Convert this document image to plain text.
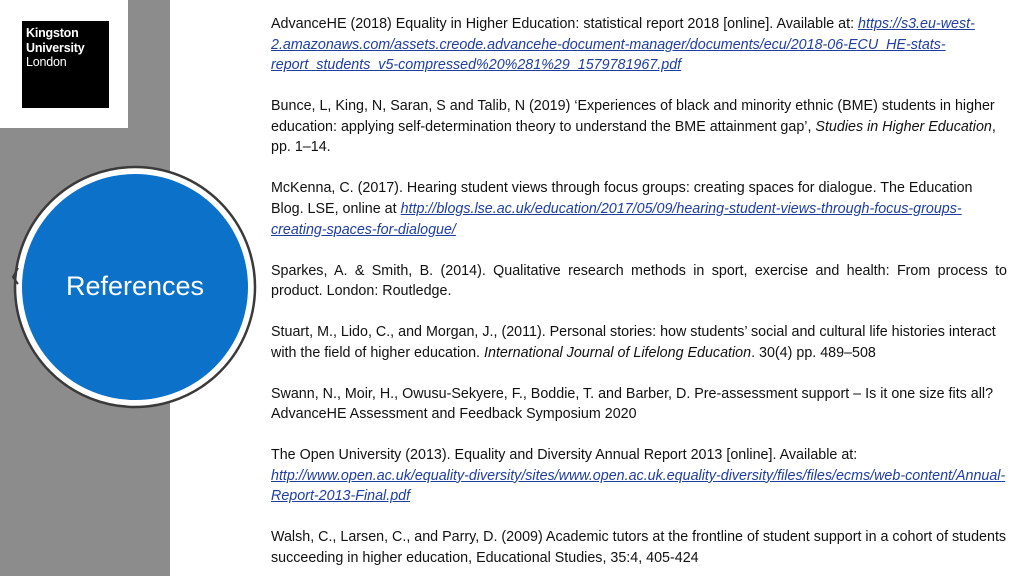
Kingston
University
London
References

AdvanceHE (2018) Equality in Higher Education: statistical report 2018 [online]. Available at: https://s3.eu-west-2.amazonaws.com/assets.creode.advancehe-document-manager/documents/ecu/2018-06-ECU_HE-stats-report_students_v5-compressed%20%281%29_1579781967.pdf

Bunce, L, King, N, Saran, S and Talib, N (2019) ‘Experiences of black and minority ethnic (BME) students in higher education: applying self-determination theory to understand the BME attainment gap’, Studies in Higher Education, pp. 1–14.

McKenna, C. (2017). Hearing student views through focus groups: creating spaces for dialogue. The Education Blog. LSE, online at http://blogs.lse.ac.uk/education/2017/05/09/hearing-student-views-through-focus-groups-creating-spaces-for-dialogue/

Sparkes, A. & Smith, B. (2014). Qualitative research methods in sport, exercise and health: From process to product. London: Routledge.

Stuart, M., Lido, C., and Morgan, J., (2011). Personal stories: how students’ social and cultural life histories interact with the field of higher education. International Journal of Lifelong Education. 30(4) pp. 489–508

Swann, N., Moir, H., Owusu-Sekyere, F., Boddie, T. and Barber, D. Pre-assessment support – Is it one size fits all? AdvanceHE Assessment and Feedback Symposium 2020

The Open University (2013). Equality and Diversity Annual Report 2013 [online]. Available at: http://www.open.ac.uk/equality-diversity/sites/www.open.ac.uk.equality-diversity/files/files/ecms/web-content/Annual-Report-2013-Final.pdf

Walsh, C., Larsen, C., and Parry, D. (2009) Academic tutors at the frontline of student support in a cohort of students succeeding in higher education, Educational Studies, 35:4, 405-424
